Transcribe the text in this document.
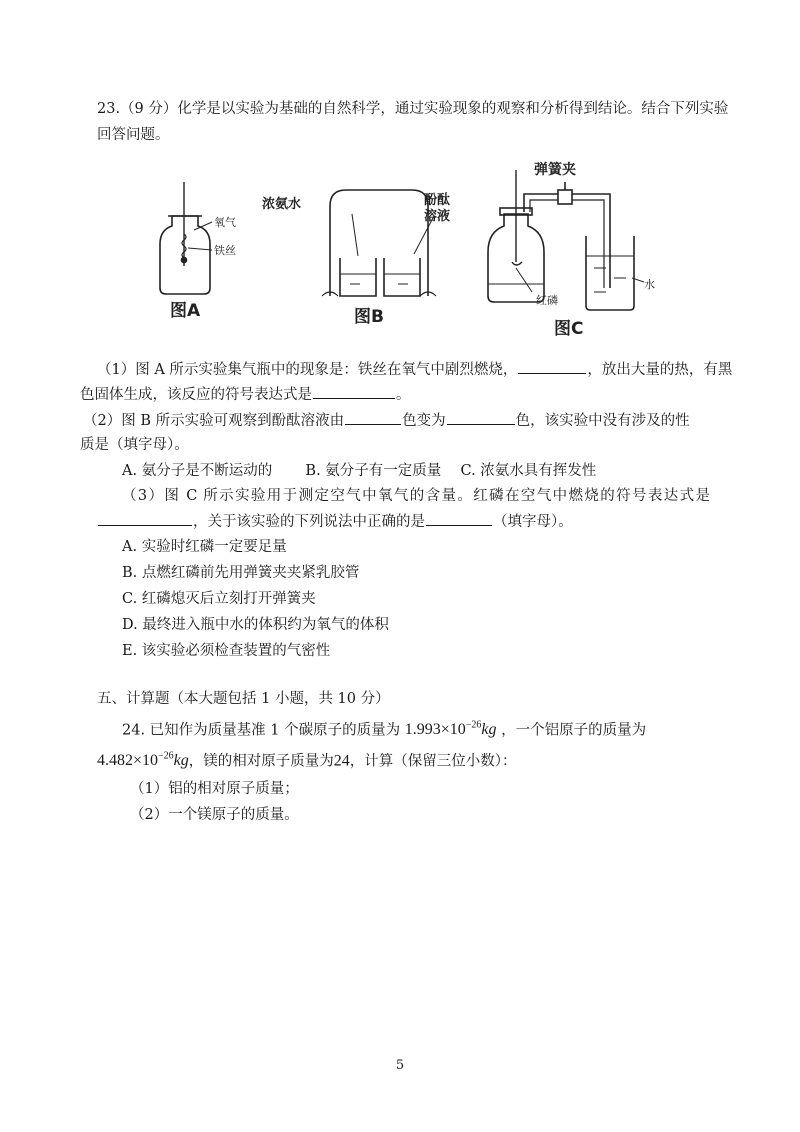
23.（9 分）化学是以实验为基础的自然科学，通过实验现象的观察和分析得到结论。结合下列实验
回答问题。
氧气
铁丝
图A
浓氨水	酚酞
溶液
图B
弹簧夹
红磷
水
图C
（1）图 A 所示实验集气瓶中的现象是：铁丝在氧气中剧烈燃烧，	，放出大量的热，有黑
色固体生成，该反应的符号表达式是	。
（2）图 B 所示实验可观察到酚酞溶液由	色变为	色，该实验中没有涉及的性
质是（填字母）。
A. 氨分子是不断运动的 B. 氨分子有一定质量 C. 浓氨水具有挥发性
（3）图 C 所示实验用于测定空气中氧气的含量。红磷在空气中燃烧的符号表达式是
，关于该实验的下列说法中正确的是	（填字母）。
A. 实验时红磷一定要足量
B. 点燃红磷前先用弹簧夹夹紧乳胶管
C. 红磷熄灭后立刻打开弹簧夹
D. 最终进入瓶中水的体积约为氧气的体积
E. 该实验必须检查装置的气密性
五、计算题（本大题包括 1 小题，共 10 分）
24. 已知作为质量基准 1 个碳原子的质量为 $1.993\times 10^{-26}kg$ ，一个铝原子的质量为
$4.482\times 10^{-26}kg$，镁的相对原子质量为24，计算（保留三位小数）：
（1）铝的相对原子质量；
（2）一个镁原子的质量。
5
